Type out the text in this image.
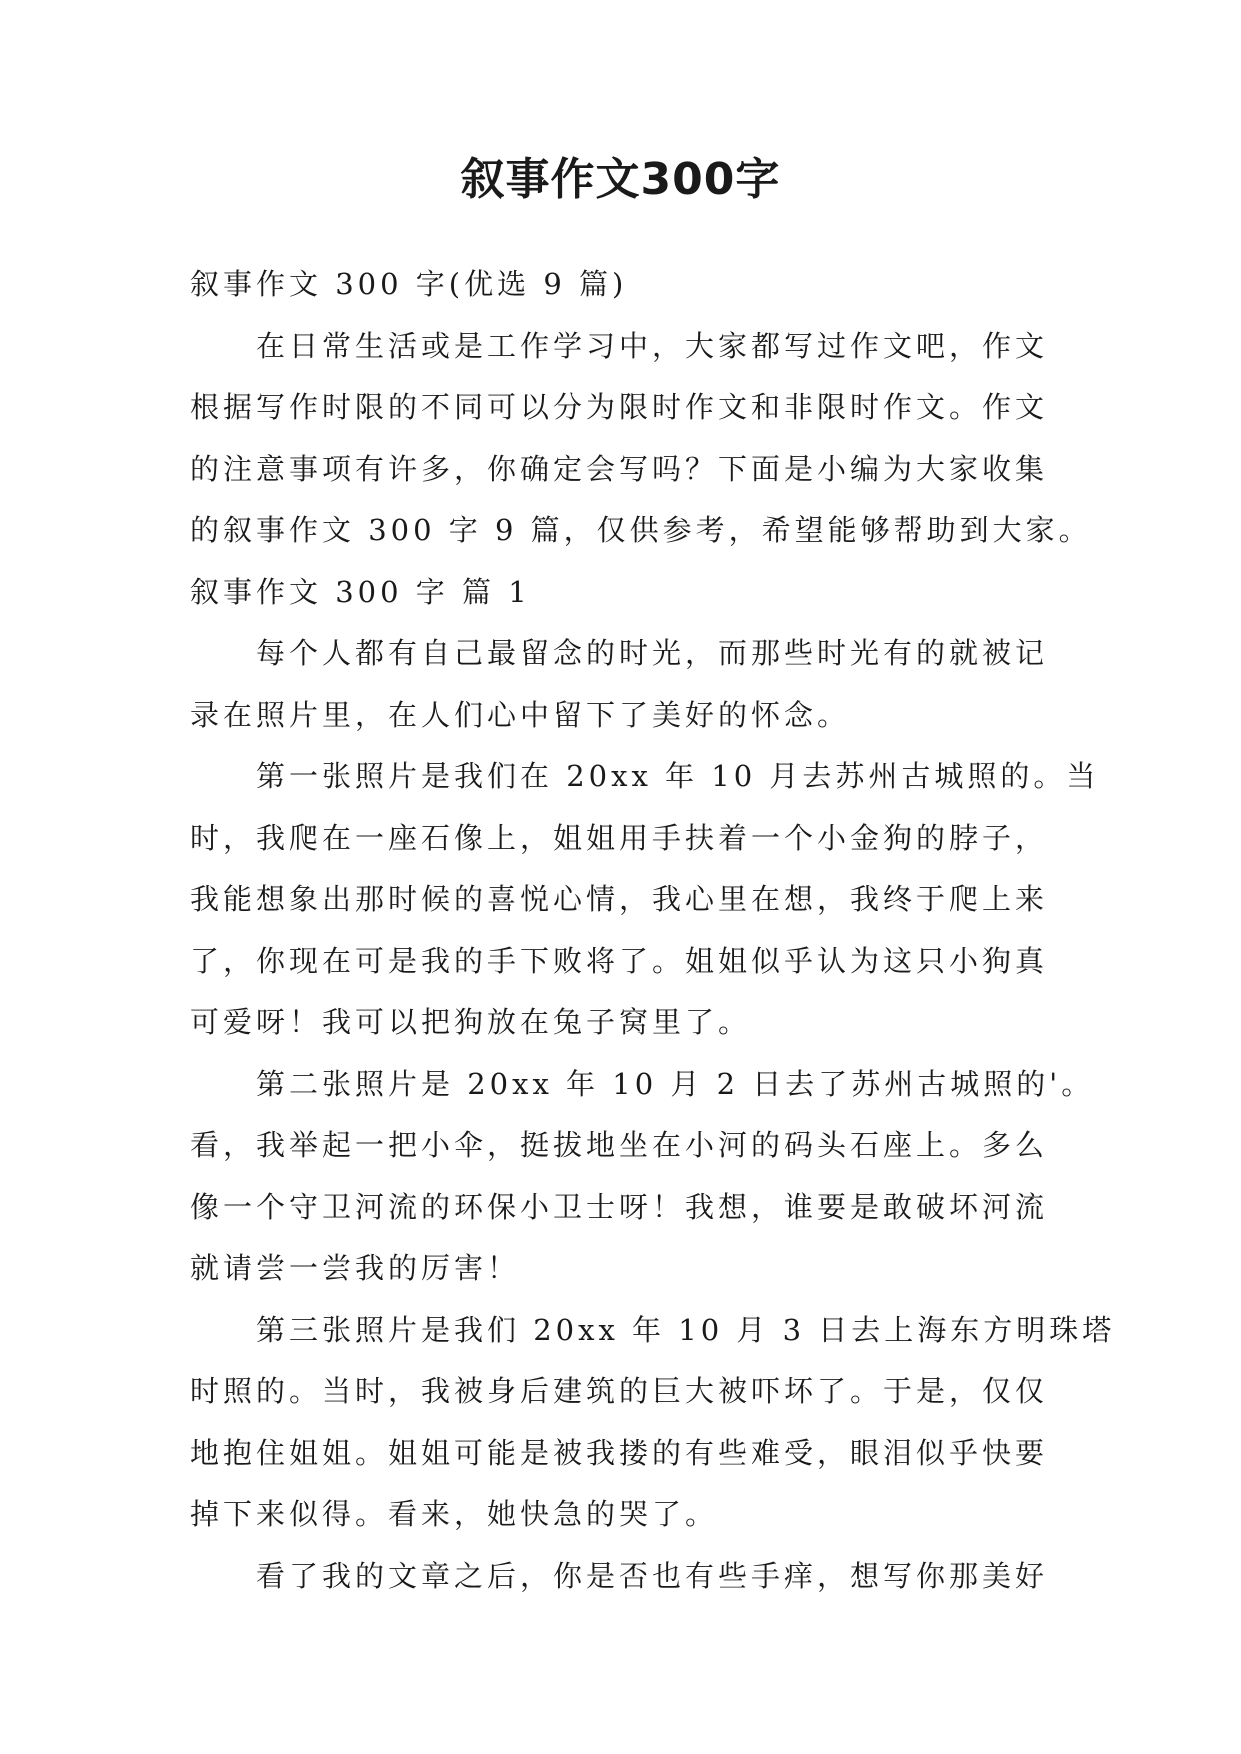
叙事作文300字
叙事作文 300 字(优选 9 篇)
在日常生活或是工作学习中，大家都写过作文吧，作文
根据写作时限的不同可以分为限时作文和非限时作文。作文
的注意事项有许多，你确定会写吗？下面是小编为大家收集
的叙事作文 300 字 9 篇，仅供参考，希望能够帮助到大家。
叙事作文 300 字 篇 1
每个人都有自己最留念的时光，而那些时光有的就被记
录在照片里，在人们心中留下了美好的怀念。
第一张照片是我们在 20xx 年 10 月去苏州古城照的。当
时，我爬在一座石像上，姐姐用手扶着一个小金狗的脖子，
我能想象出那时候的喜悦心情，我心里在想，我终于爬上来
了，你现在可是我的手下败将了。姐姐似乎认为这只小狗真
可爱呀！我可以把狗放在兔子窝里了。
第二张照片是 20xx 年 10 月 2 日去了苏州古城照的'。
看，我举起一把小伞，挺拔地坐在小河的码头石座上。多么
像一个守卫河流的环保小卫士呀！我想，谁要是敢破坏河流
就请尝一尝我的厉害！
第三张照片是我们 20xx 年 10 月 3 日去上海东方明珠塔
时照的。当时，我被身后建筑的巨大被吓坏了。于是，仅仅
地抱住姐姐。姐姐可能是被我搂的有些难受，眼泪似乎快要
掉下来似得。看来，她快急的哭了。
看了我的文章之后，你是否也有些手痒，想写你那美好
